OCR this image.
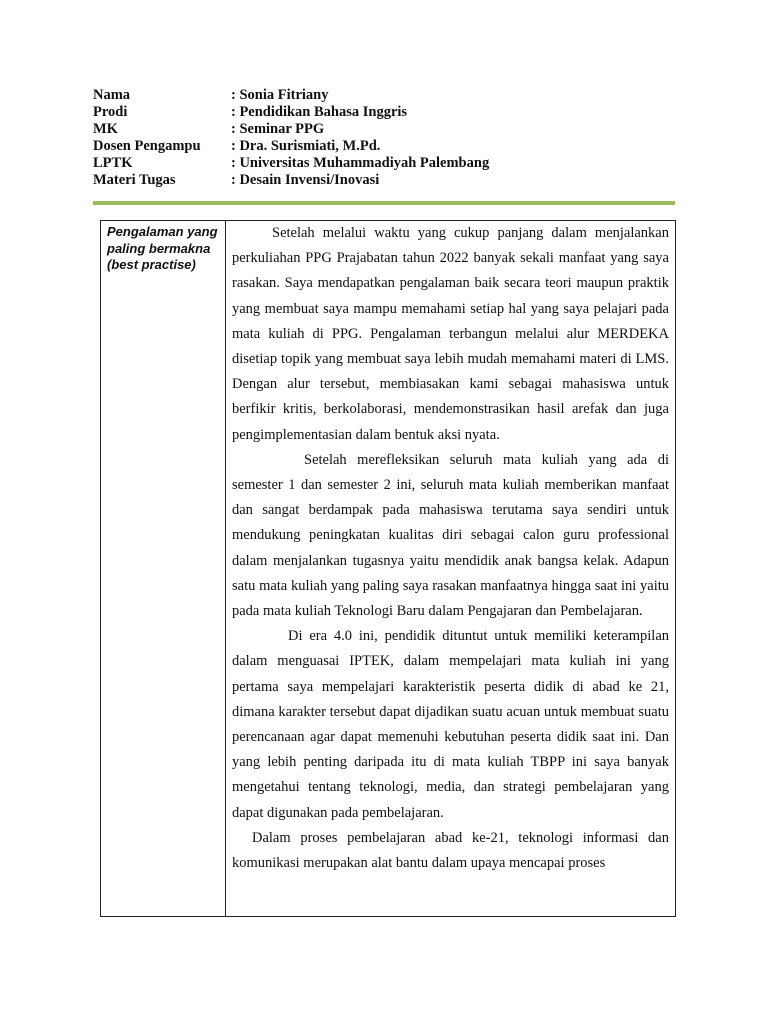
Nama	: Sonia Fitriany
Prodi	: Pendidikan Bahasa Inggris
MK	: Seminar PPG
Dosen Pengampu	: Dra. Surismiati, M.Pd.
LPTK	: Universitas Muhammadiyah Palembang
Materi Tugas	: Desain Invensi/Inovasi
Pengalaman yang paling bermakna (best practise)

Setelah melalui waktu yang cukup panjang dalam menjalankan perkuliahan PPG Prajabatan tahun 2022 banyak sekali manfaat yang saya rasakan. Saya mendapatkan pengalaman baik secara teori maupun praktik yang membuat saya mampu memahami setiap hal yang saya pelajari pada mata kuliah di PPG. Pengalaman terbangun melalui alur MERDEKA disetiap topik yang membuat saya lebih mudah memahami materi di LMS. Dengan alur tersebut, membiasakan kami sebagai mahasiswa untuk berfikir kritis, berkolaborasi, mendemonstrasikan hasil arefak dan juga pengimplementasian dalam bentuk aksi nyata.

Setelah merefleksikan seluruh mata kuliah yang ada di semester 1 dan semester 2 ini, seluruh mata kuliah memberikan manfaat dan sangat berdampak pada mahasiswa terutama saya sendiri untuk mendukung peningkatan kualitas diri sebagai calon guru professional dalam menjalankan tugasnya yaitu mendidik anak bangsa kelak. Adapun satu mata kuliah yang paling saya rasakan manfaatnya hingga saat ini yaitu pada mata kuliah Teknologi Baru dalam Pengajaran dan Pembelajaran.

Di era 4.0 ini, pendidik dituntut untuk memiliki keterampilan dalam menguasai IPTEK, dalam mempelajari mata kuliah ini yang pertama saya mempelajari karakteristik peserta didik di abad ke 21, dimana karakter tersebut dapat dijadikan suatu acuan untuk membuat suatu perencanaan agar dapat memenuhi kebutuhan peserta didik saat ini. Dan yang lebih penting daripada itu di mata kuliah TBPP ini saya banyak mengetahui tentang teknologi, media, dan strategi pembelajaran yang dapat digunakan pada pembelajaran.

Dalam proses pembelajaran abad ke-21, teknologi informasi dan komunikasi merupakan alat bantu dalam upaya mencapai proses
